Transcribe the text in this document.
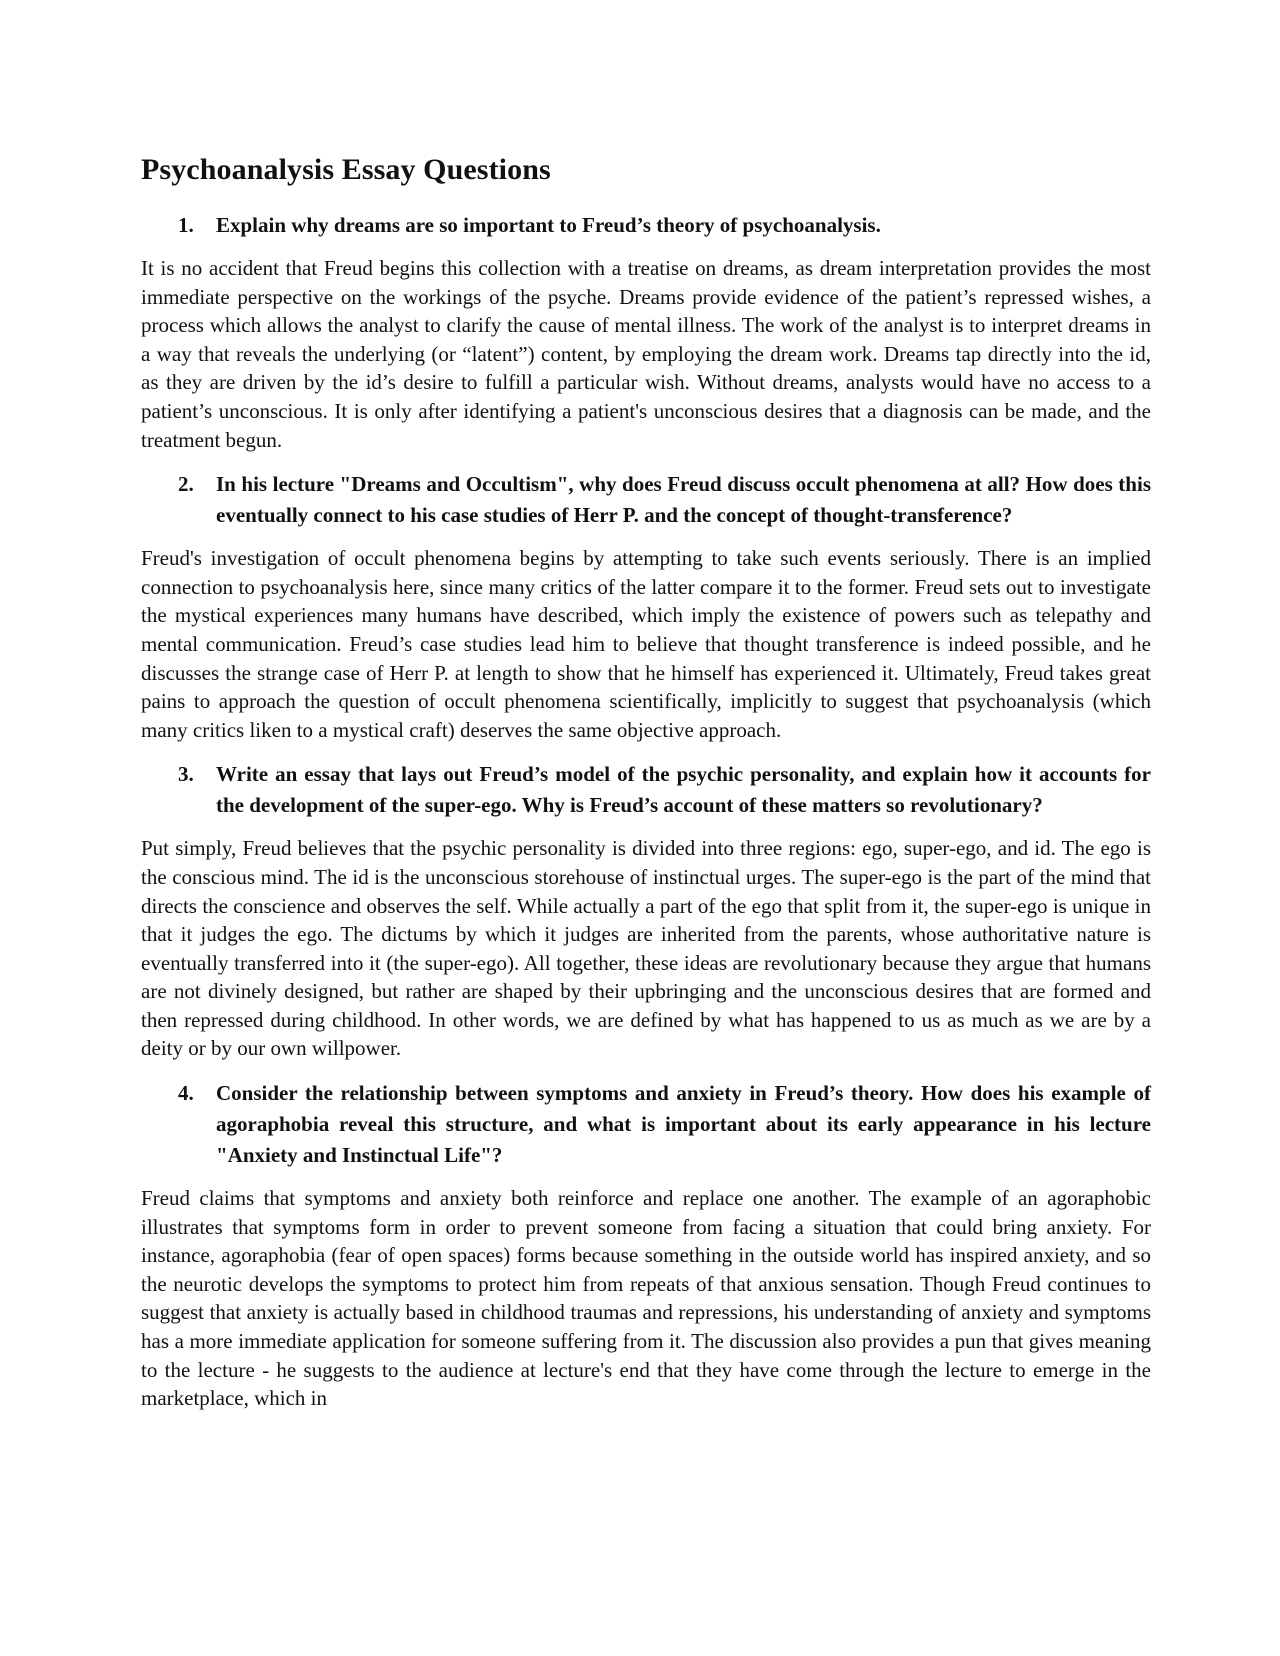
Psychoanalysis Essay Questions
1.	Explain why dreams are so important to Freud’s theory of psychoanalysis.

It is no accident that Freud begins this collection with a treatise on dreams, as dream interpretation provides the most immediate perspective on the workings of the psyche. Dreams provide evidence of the patient’s repressed wishes, a process which allows the analyst to clarify the cause of mental illness. The work of the analyst is to interpret dreams in a way that reveals the underlying (or “latent”) content, by employing the dream work. Dreams tap directly into the id, as they are driven by the id’s desire to fulfill a particular wish. Without dreams, analysts would have no access to a patient’s unconscious. It is only after identifying a patient's unconscious desires that a diagnosis can be made, and the treatment begun.

2.	In his lecture "Dreams and Occultism", why does Freud discuss occult phenomena at all? How does this eventually connect to his case studies of Herr P. and the concept of thought-transference?

Freud's investigation of occult phenomena begins by attempting to take such events seriously. There is an implied connection to psychoanalysis here, since many critics of the latter compare it to the former. Freud sets out to investigate the mystical experiences many humans have described, which imply the existence of powers such as telepathy and mental communication. Freud’s case studies lead him to believe that thought transference is indeed possible, and he discusses the strange case of Herr P. at length to show that he himself has experienced it. Ultimately, Freud takes great pains to approach the question of occult phenomena scientifically, implicitly to suggest that psychoanalysis (which many critics liken to a mystical craft) deserves the same objective approach.

3.	Write an essay that lays out Freud’s model of the psychic personality, and explain how it accounts for the development of the super-ego. Why is Freud’s account of these matters so revolutionary?

Put simply, Freud believes that the psychic personality is divided into three regions: ego, super-ego, and id. The ego is the conscious mind. The id is the unconscious storehouse of instinctual urges. The super-ego is the part of the mind that directs the conscience and observes the self. While actually a part of the ego that split from it, the super-ego is unique in that it judges the ego. The dictums by which it judges are inherited from the parents, whose authoritative nature is eventually transferred into it (the super-ego). All together, these ideas are revolutionary because they argue that humans are not divinely designed, but rather are shaped by their upbringing and the unconscious desires that are formed and then repressed during childhood. In other words, we are defined by what has happened to us as much as we are by a deity or by our own willpower.

4.	Consider the relationship between symptoms and anxiety in Freud’s theory. How does his example of agoraphobia reveal this structure, and what is important about its early appearance in his lecture "Anxiety and Instinctual Life"?

Freud claims that symptoms and anxiety both reinforce and replace one another. The example of an agoraphobic illustrates that symptoms form in order to prevent someone from facing a situation that could bring anxiety. For instance, agoraphobia (fear of open spaces) forms because something in the outside world has inspired anxiety, and so the neurotic develops the symptoms to protect him from repeats of that anxious sensation. Though Freud continues to suggest that anxiety is actually based in childhood traumas and repressions, his understanding of anxiety and symptoms has a more immediate application for someone suffering from it. The discussion also provides a pun that gives meaning to the lecture - he suggests to the audience at lecture's end that they have come through the lecture to emerge in the marketplace, which in
